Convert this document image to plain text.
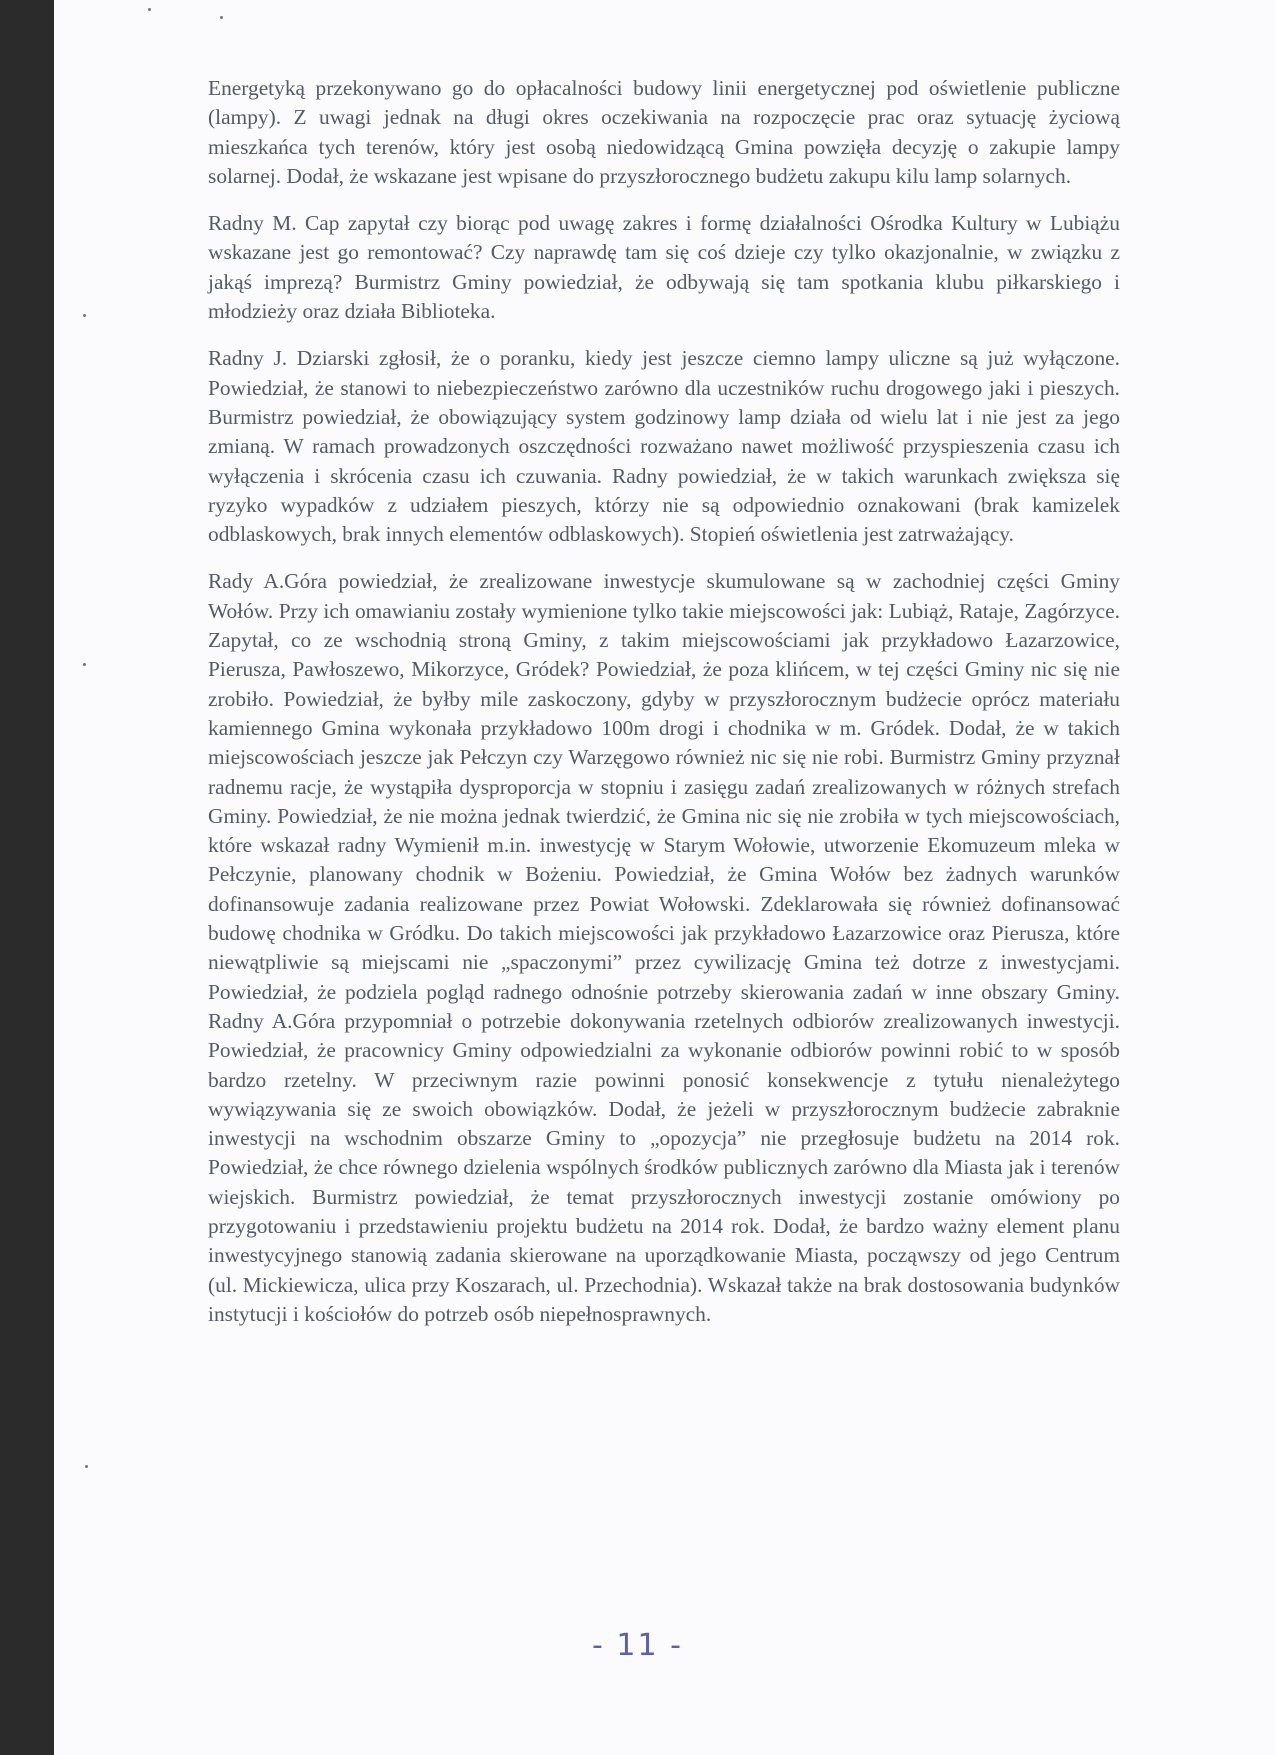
Energetyką przekonywano go do opłacalności budowy linii energetycznej pod oświetlenie publiczne (lampy). Z uwagi jednak na długi okres oczekiwania na rozpoczęcie prac oraz sytuację życiową mieszkańca tych terenów, który jest osobą niedowidzącą Gmina powzięła decyzję o zakupie lampy solarnej. Dodał, że wskazane jest wpisane do przyszłorocznego budżetu zakupu kilu lamp solarnych.

Radny M. Cap zapytał czy biorąc pod uwagę zakres i formę działalności Ośrodka Kultury w Lubiążu wskazane jest go remontować? Czy naprawdę tam się coś dzieje czy tylko okazjonalnie, w związku z jakąś imprezą? Burmistrz Gminy powiedział, że odbywają się tam spotkania klubu piłkarskiego i młodzieży oraz działa Biblioteka.

Radny J. Dziarski zgłosił, że o poranku, kiedy jest jeszcze ciemno lampy uliczne są już wyłączone. Powiedział, że stanowi to niebezpieczeństwo zarówno dla uczestników ruchu drogowego jaki i pieszych. Burmistrz powiedział, że obowiązujący system godzinowy lamp działa od wielu lat i nie jest za jego zmianą. W ramach prowadzonych oszczędności rozważano nawet możliwość przyspieszenia czasu ich wyłączenia i skrócenia czasu ich czuwania. Radny powiedział, że w takich warunkach zwiększa się ryzyko wypadków z udziałem pieszych, którzy nie są odpowiednio oznakowani (brak kamizelek odblaskowych, brak innych elementów odblaskowych). Stopień oświetlenia jest zatrważający.

Rady A.Góra powiedział, że zrealizowane inwestycje skumulowane są w zachodniej części Gminy Wołów. Przy ich omawianiu zostały wymienione tylko takie miejscowości jak: Lubiąż, Rataje, Zagórzyce. Zapytał, co ze wschodnią stroną Gminy, z takim miejscowościami jak przykładowo Łazarzowice, Pierusza, Pawłoszewo, Mikorzyce, Gródek? Powiedział, że poza klińcem, w tej części Gminy nic się nie zrobiło. Powiedział, że byłby mile zaskoczony, gdyby w przyszłorocznym budżecie oprócz materiału kamiennego Gmina wykonała przykładowo 100m drogi i chodnika w m. Gródek. Dodał, że w takich miejscowościach jeszcze jak Pełczyn czy Warzęgowo również nic się nie robi. Burmistrz Gminy przyznał radnemu racje, że wystąpiła dysproporcja w stopniu i zasięgu zadań zrealizowanych w różnych strefach Gminy. Powiedział, że nie można jednak twierdzić, że Gmina nic się nie zrobiła w tych miejscowościach, które wskazał radny Wymienił m.in. inwestycję w Starym Wołowie, utworzenie Ekomuzeum mleka w Pełczynie, planowany chodnik w Bożeniu. Powiedział, że Gmina Wołów bez żadnych warunków dofinansowuje zadania realizowane przez Powiat Wołowski. Zdeklarowała się również dofinansować budowę chodnika w Gródku. Do takich miejscowości jak przykładowo Łazarzowice oraz Pierusza, które niewątpliwie są miejscami nie „spaczonymi” przez cywilizację Gmina też dotrze z inwestycjami. Powiedział, że podziela pogląd radnego odnośnie potrzeby skierowania zadań w inne obszary Gminy. Radny A.Góra przypomniał o potrzebie dokonywania rzetelnych odbiorów zrealizowanych inwestycji. Powiedział, że pracownicy Gminy odpowiedzialni za wykonanie odbiorów powinni robić to w sposób bardzo rzetelny. W przeciwnym razie powinni ponosić konsekwencje z tytułu nienależytego wywiązywania się ze swoich obowiązków. Dodał, że jeżeli w przyszłorocznym budżecie zabraknie inwestycji na wschodnim obszarze Gminy to „opozycja” nie przegłosuje budżetu na 2014 rok. Powiedział, że chce równego dzielenia wspólnych środków publicznych zarówno dla Miasta jak i terenów wiejskich. Burmistrz powiedział, że temat przyszłorocznych inwestycji zostanie omówiony po przygotowaniu i przedstawieniu projektu budżetu na 2014 rok. Dodał, że bardzo ważny element planu inwestycyjnego stanowią zadania skierowane na uporządkowanie Miasta, począwszy od jego Centrum (ul. Mickiewicza, ulica przy Koszarach, ul. Przechodnia). Wskazał także na brak dostosowania budynków instytucji i kościołów do potrzeb osób niepełnosprawnych.

- 11 -
